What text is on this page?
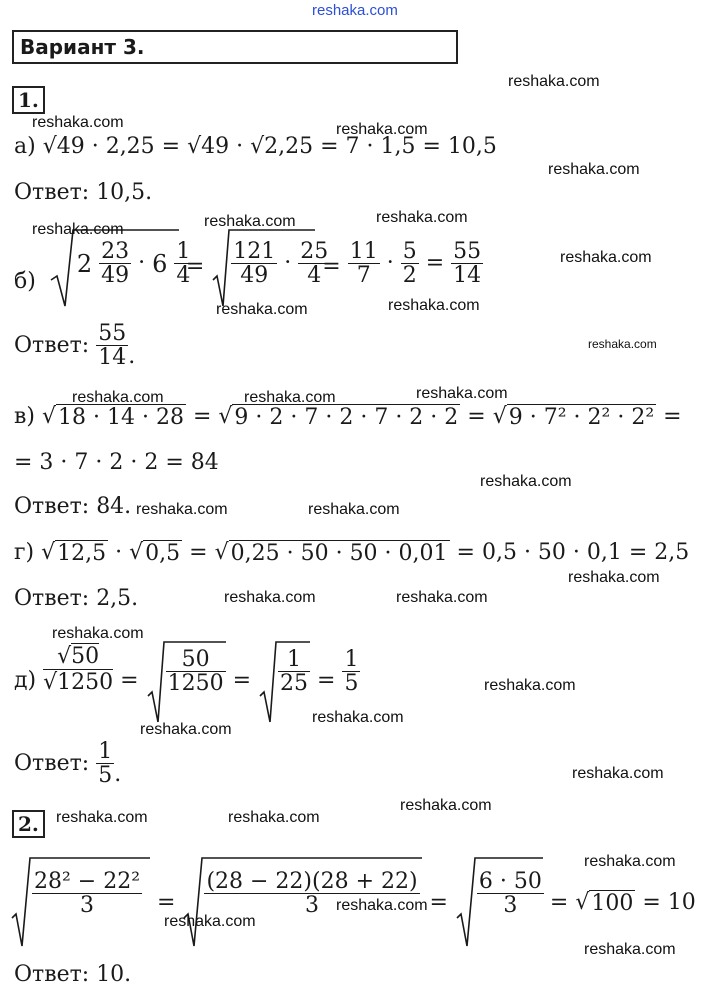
Вариант 3.
1.
а) √49 · 2,25 = √49 · √2,25 = 7 · 1,5 = 10,5
Ответ: 10,5.
б)
$2 \frac{23}{49} \cdot 6 \frac{1}{4}$
= $\frac{121}{49} \cdot \frac{25}{4}$
= $\frac{11}{7} \cdot \frac{5}{2} = \frac{55}{14}$
Ответ: $\frac{55}{14}$ .
в) √18 · 14 · 28 = √9 · 2 · 7 · 2 · 7 · 2 · 2 = √9 · 7² · 2² · 2² =
= 3 · 7 · 2 · 2 = 84
Ответ: 84.
г) √12,5 · √0,5 = √0,25 · 50 · 50 · 0,01 = 0,5 · 50 · 0,1 = 2,5
Ответ: 2,5.
$д) \frac{√50}{√1250} = \frac{50}{1250} = \frac{1}{25} = \frac{1}{5}$
Ответ: $\frac{1}{5}$ .
2.
$\frac{\text{28² − 22²}}{3} = \frac{(28 - 22)(28 + 22)}{3} = \frac{6 \cdot 50}{3} = √100 = 10$
Ответ: 10.
reshaka.com
reshaka.com
reshaka.com	reshaka.com
reshaka.com
reshaka.com
reshaka.com
reshaka.com
reshaka.com
reshaka.com
reshaka.com
reshaka.com
reshaka.com
reshaka.com	reshaka.com
reshaka.com
reshaka.com	reshaka.com
reshaka.com
reshaka.com	reshaka.com
reshaka.com
reshaka.com
reshaka.com
reshaka.com
reshaka.com
reshaka.com
reshaka.com	reshaka.com
reshaka.com
reshaka.com
reshaka.com
reshaka.com
